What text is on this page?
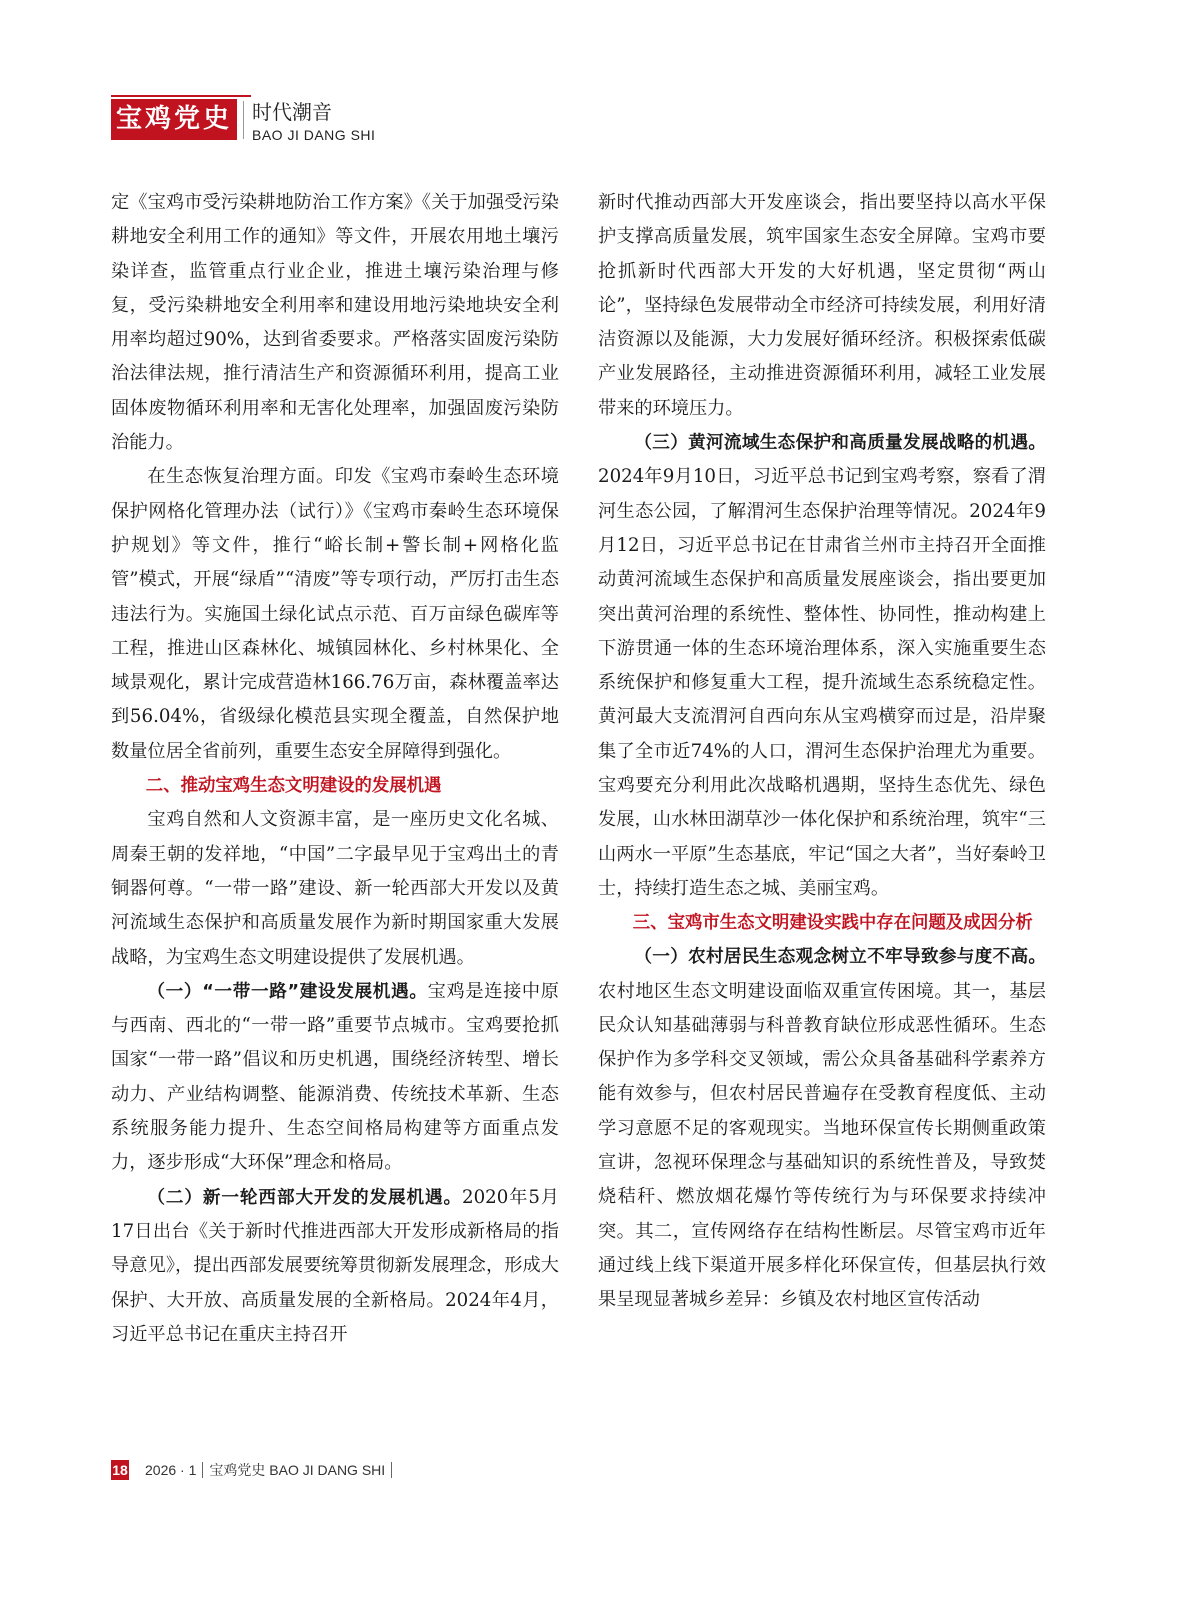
宝鸡党史 时代潮音
BAO JI DANG SHI

定《宝鸡市受污染耕地防治工作方案》《关于加强受污染耕地安全利用工作的通知》等文件，开展农用地土壤污染详查，监管重点行业企业，推进土壤污染治理与修复，受污染耕地安全利用率和建设用地污染地块安全利用率均超过90%，达到省委要求。严格落实固废污染防治法律法规，推行清洁生产和资源循环利用，提高工业固体废物循环利用率和无害化处理率，加强固废污染防治能力。

在生态恢复治理方面。印发《宝鸡市秦岭生态环境保护网格化管理办法（试行）》《宝鸡市秦岭生态环境保护规划》等文件，推行“峪长制+警长制+网格化监管”模式，开展“绿盾”“清废”等专项行动，严厉打击生态违法行为。实施国土绿化试点示范、百万亩绿色碳库等工程，推进山区森林化、城镇园林化、乡村林果化、全域景观化，累计完成营造林166.76万亩，森林覆盖率达到56.04%，省级绿化模范县实现全覆盖，自然保护地数量位居全省前列，重要生态安全屏障得到强化。

二、推动宝鸡生态文明建设的发展机遇

宝鸡自然和人文资源丰富，是一座历史文化名城、周秦王朝的发祥地，“中国”二字最早见于宝鸡出土的青铜器何尊。“一带一路”建设、新一轮西部大开发以及黄河流域生态保护和高质量发展作为新时期国家重大发展战略，为宝鸡生态文明建设提供了发展机遇。

（一）“一带一路”建设发展机遇。宝鸡是连接中原与西南、西北的“一带一路”重要节点城市。宝鸡要抢抓国家“一带一路”倡议和历史机遇，围绕经济转型、增长动力、产业结构调整、能源消费、传统技术革新、生态系统服务能力提升、生态空间格局构建等方面重点发力，逐步形成“大环保”理念和格局。

（二）新一轮西部大开发的发展机遇。2020年5月17日出台《关于新时代推进西部大开发形成新格局的指导意见》，提出西部发展要统筹贯彻新发展理念，形成大保护、大开放、高质量发展的全新格局。2024年4月，习近平总书记在重庆主持召开

新时代推动西部大开发座谈会，指出要坚持以高水平保护支撑高质量发展，筑牢国家生态安全屏障。宝鸡市要抢抓新时代西部大开发的大好机遇，坚定贯彻“两山论”，坚持绿色发展带动全市经济可持续发展，利用好清洁资源以及能源，大力发展好循环经济。积极探索低碳产业发展路径，主动推进资源循环利用，减轻工业发展带来的环境压力。

（三）黄河流域生态保护和高质量发展战略的机遇。2024年9月10日，习近平总书记到宝鸡考察，察看了渭河生态公园，了解渭河生态保护治理等情况。2024年9月12日，习近平总书记在甘肃省兰州市主持召开全面推动黄河流域生态保护和高质量发展座谈会，指出要更加突出黄河治理的系统性、整体性、协同性，推动构建上下游贯通一体的生态环境治理体系，深入实施重要生态系统保护和修复重大工程，提升流域生态系统稳定性。黄河最大支流渭河自西向东从宝鸡横穿而过是，沿岸聚集了全市近74%的人口，渭河生态保护治理尤为重要。宝鸡要充分利用此次战略机遇期，坚持生态优先、绿色发展，山水林田湖草沙一体化保护和系统治理，筑牢“三山两水一平原”生态基底，牢记“国之大者”，当好秦岭卫士，持续打造生态之城、美丽宝鸡。

三、宝鸡市生态文明建设实践中存在问题及成因分析

（一）农村居民生态观念树立不牢导致参与度不高。农村地区生态文明建设面临双重宣传困境。其一，基层民众认知基础薄弱与科普教育缺位形成恶性循环。生态保护作为多学科交叉领域，需公众具备基础科学素养方能有效参与，但农村居民普遍存在受教育程度低、主动学习意愿不足的客观现实。当地环保宣传长期侧重政策宣讲，忽视环保理念与基础知识的系统性普及，导致焚烧秸秆、燃放烟花爆竹等传统行为与环保要求持续冲突。其二，宣传网络存在结构性断层。尽管宝鸡市近年通过线上线下渠道开展多样化环保宣传，但基层执行效果呈现显著城乡差异：乡镇及农村地区宣传活动

18 2026 · 1 宝鸡党史 BAO JI DANG SHI
